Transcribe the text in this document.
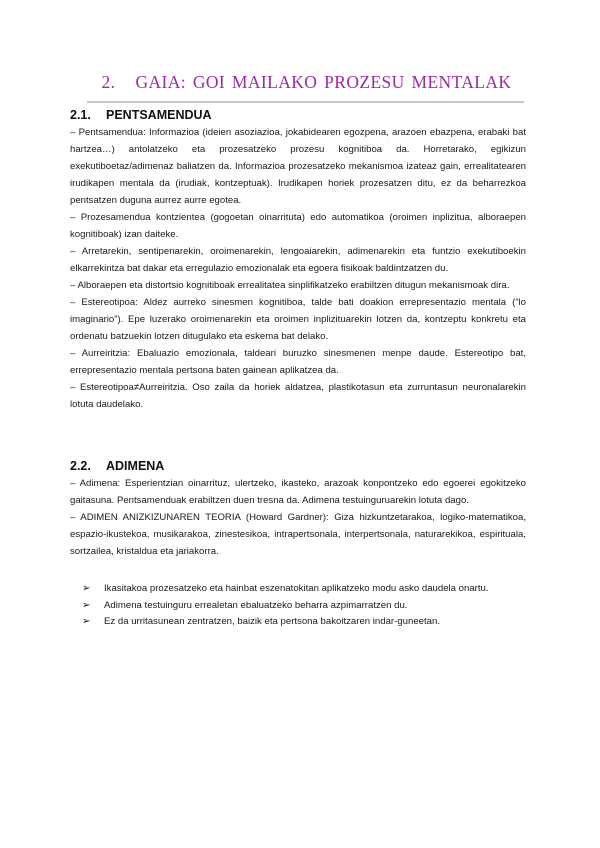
2. GAIA: GOI MAILAKO PROZESU MENTALAK
2.1. PENTSAMENDUA

– Pentsamendua: Informazioa (ideien asoziazioa, jokabidearen egozpena, arazoen ebazpena, erabaki bat hartzea…) antolatzeko eta prozesatzeko prozesu kognitiboa da. Horretarako, egikizun exekutiboetaz/adimenaz baliatzen da. Informazioa prozesatzeko mekanismoa izateaz gain, errealitatearen irudikapen mentala da (irudiak, kontzeptuak). Irudikapen horiek prozesatzen ditu, ez da beharrezkoa pentsatzen duguna aurrez aurre egotea.

– Prozesamendua kontzientea (gogoetan oinarrituta) edo automatikoa (oroimen inplizitua, alboraepen kognitiboak) izan daiteke.

– Arretarekin, sentipenarekin, oroimenarekin, lengoaiarekin, adimenarekin eta funtzio exekutiboekin elkarrekintza bat dakar eta erregulazio emozionalak eta egoera fisikoak baldintzatzen du.

– Alboraepen eta distortsio kognitiboak errealitatea sinplifikatzeko erabiltzen ditugun mekanismoak dira.

– Estereotipoa: Aldez aurreko sinesmen kognitiboa, talde bati doakion errepresentazio mentala (“lo imaginario”). Epe luzerako oroimenarekin eta oroimen inplizituarekin lotzen da, kontzeptu konkretu eta ordenatu batzuekin lotzen ditugulako eta eskema bat delako.

– Aurreiritzia: Ebaluazio emozionala, taldeari buruzko sinesmenen menpe daude. Estereotipo bat, errepresentazio mentala pertsona baten gainean aplikatzea da.

– Estereotipoa≠Aurreiritzia. Oso zaila da horiek aldatzea, plastikotasun eta zurruntasun neuronalarekin lotuta daudelako.

2.2. ADIMENA

– Adimena: Esperientzian oinarrituz, ulertzeko, ikasteko, arazoak konpontzeko edo egoerei egokitzeko gaitasuna. Pentsamenduak erabiltzen duen tresna da. Adimena testuinguruarekin lotuta dago.

– ADIMEN ANIZKIZUNAREN TEORIA (Howard Gardner): Giza hizkuntzetarakoa, logiko-matematikoa, espazio-ikustekoa, musikarakoa, zinestesikoa, intrapertsonala, interpertsonala, naturarekikoa, espirituala, sortzailea, kristaldua eta jariakorra.

➢	Ikasitakoa prozesatzeko eta hainbat eszenatokitan aplikatzeko modu asko daudela onartu.
➢	Adimena testuinguru errealetan ebaluatzeko beharra azpimarratzen du.
➢	Ez da urritasunean zentratzen, baizik eta pertsona bakoitzaren indar-guneetan.
